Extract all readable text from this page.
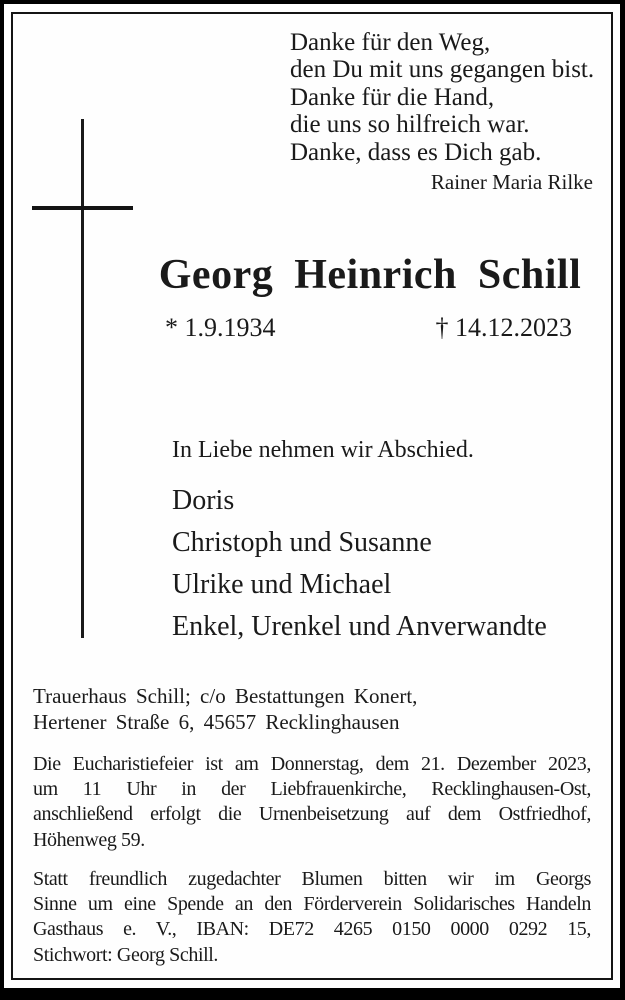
Danke für den Weg,
den Du mit uns gegangen bist.
Danke für die Hand,
die uns so hilfreich war.
Danke, dass es Dich gab.
Rainer Maria Rilke
Georg Heinrich Schill
* 1.9.1934	† 14.12.2023
In Liebe nehmen wir Abschied.
Doris
Christoph und Susanne
Ulrike und Michael
Enkel, Urenkel und Anverwandte
Trauerhaus Schill; c/o Bestattungen Konert,
Hertener Straße 6, 45657 Recklinghausen
Die Eucharistiefeier ist am Donnerstag, dem 21. Dezember 2023,
um 11 Uhr in der Liebfrauenkirche, Recklinghausen-Ost,
anschließend erfolgt die Urnenbeisetzung auf dem Ostfriedhof,
Höhenweg 59.
Statt freundlich zugedachter Blumen bitten wir im Georgs
Sinne um eine Spende an den Förderverein Solidarisches Handeln
Gasthaus e. V., IBAN: DE72 4265 0150 0000 0292 15,
Stichwort: Georg Schill.
